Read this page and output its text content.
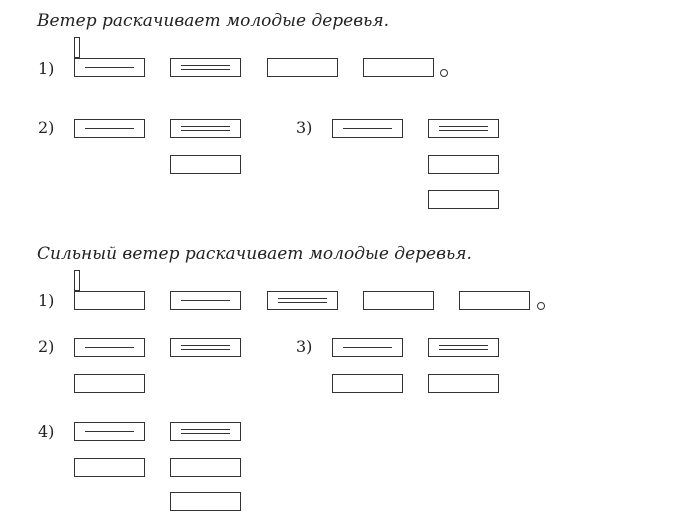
Ветер раскачивает молодые деревья.
1)
2)	3)
Сильный ветер раскачивает молодые деревья.
1)
2)	3)
4)
